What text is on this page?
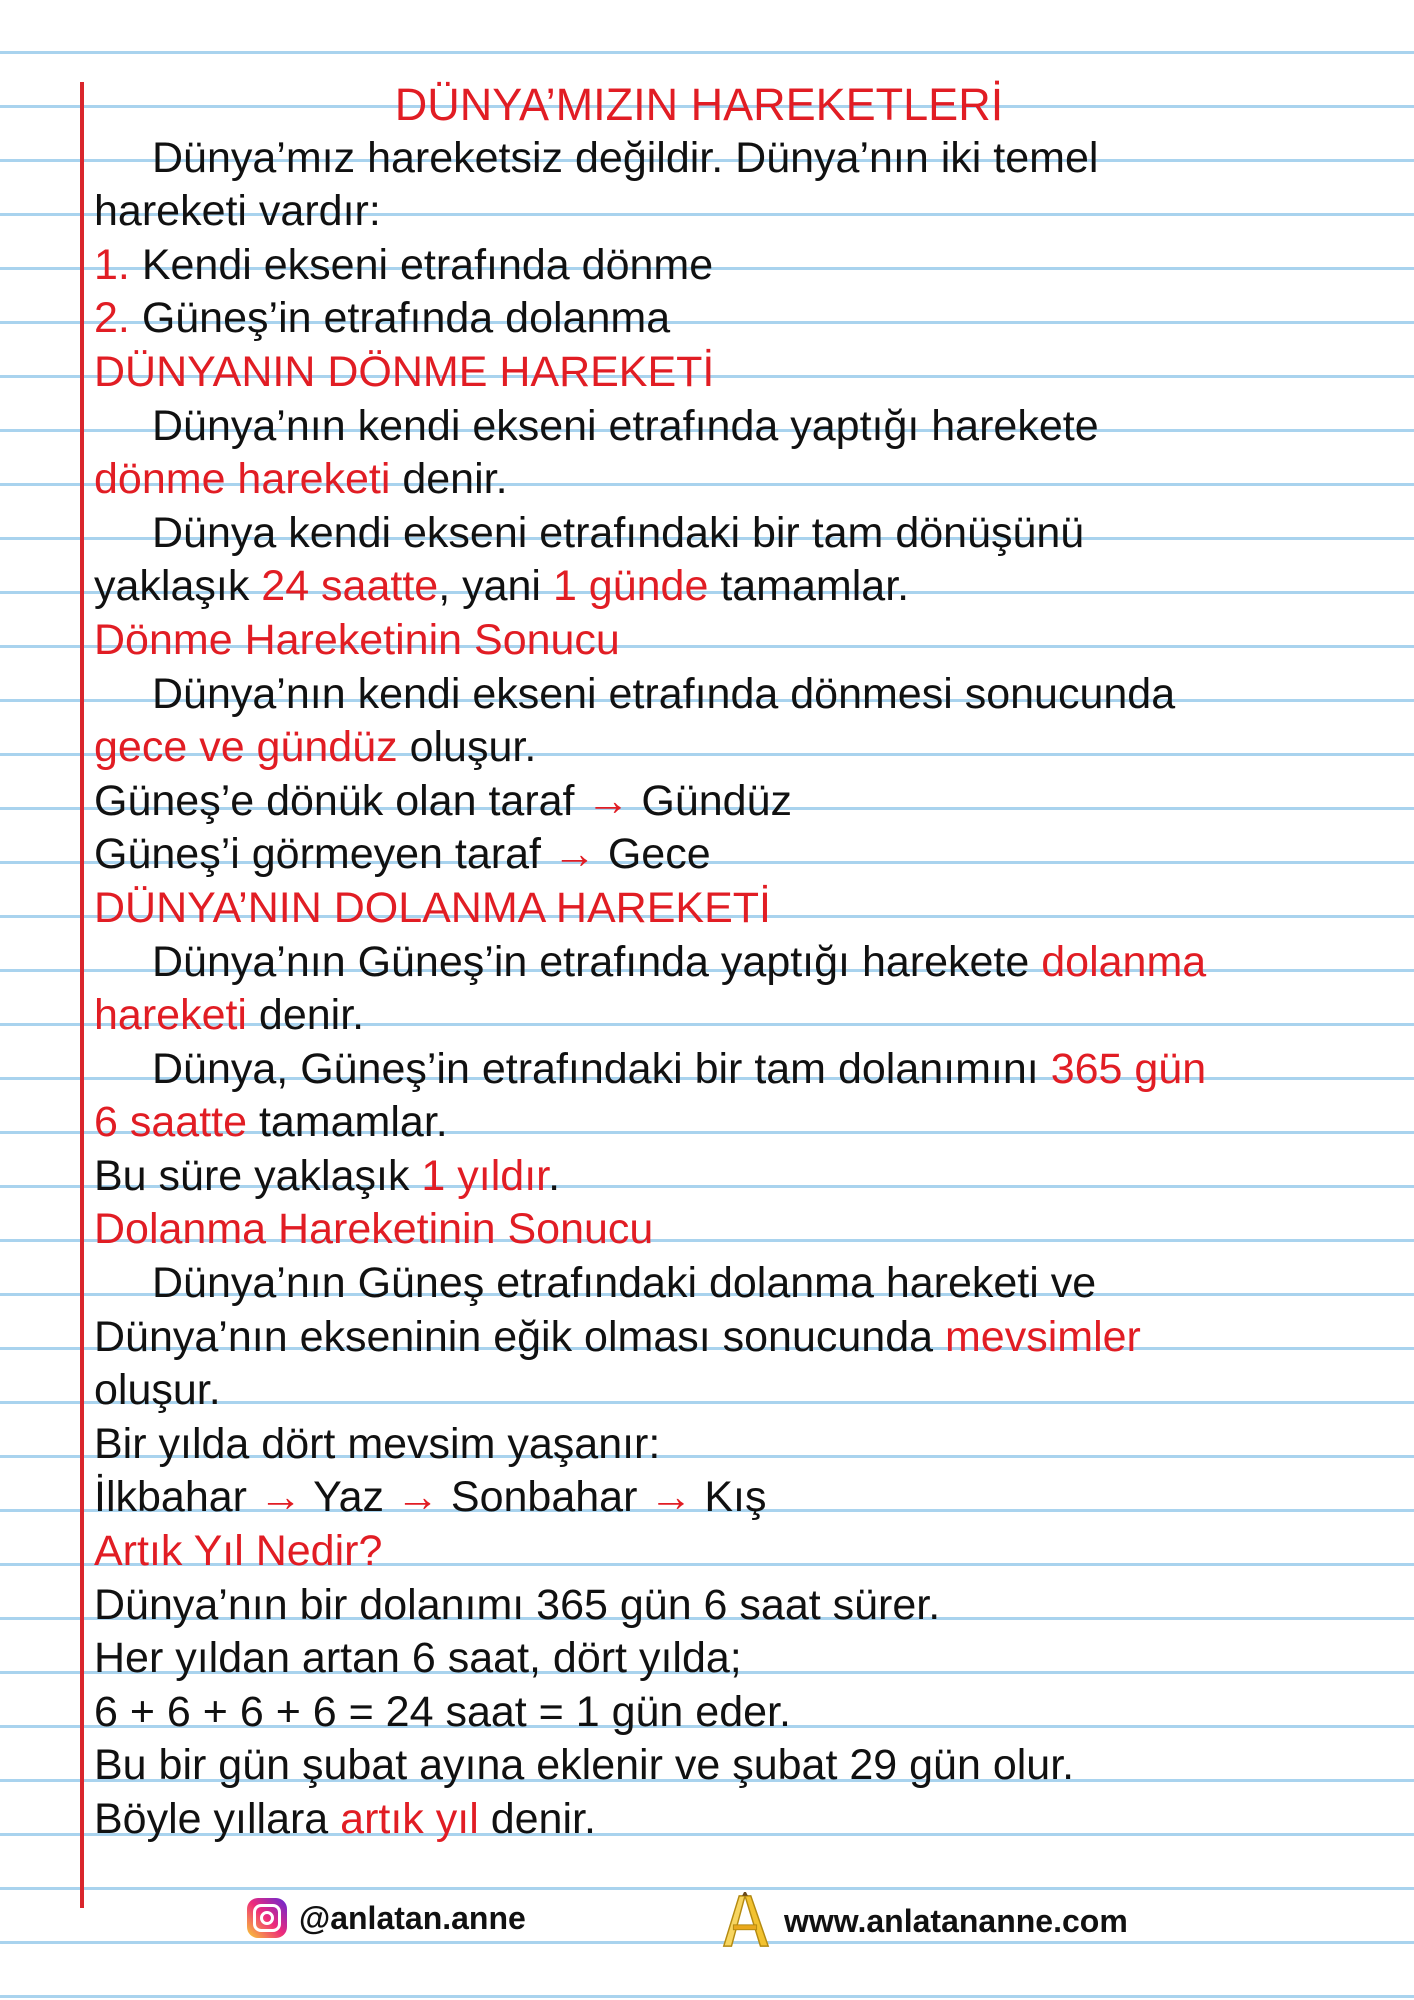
DÜNYA’MIZIN HAREKETLERİ
Dünya’mız hareketsiz değildir. Dünya’nın iki temel
hareketi vardır:
1. Kendi ekseni etrafında dönme
2. Güneş’in etrafında dolanma
DÜNYANIN DÖNME HAREKETİ
Dünya’nın kendi ekseni etrafında yaptığı harekete
dönme hareketi denir.
Dünya kendi ekseni etrafındaki bir tam dönüşünü
yaklaşık 24 saatte, yani 1 günde tamamlar.
Dönme Hareketinin Sonucu
Dünya’nın kendi ekseni etrafında dönmesi sonucunda
gece ve gündüz oluşur.
Güneş’e dönük olan taraf → Gündüz
Güneş’i görmeyen taraf → Gece
DÜNYA’NIN DOLANMA HAREKETİ
Dünya’nın Güneş’in etrafında yaptığı harekete dolanma
hareketi denir.
Dünya, Güneş’in etrafındaki bir tam dolanımını 365 gün
6 saatte tamamlar.
Bu süre yaklaşık 1 yıldır.
Dolanma Hareketinin Sonucu
Dünya’nın Güneş etrafındaki dolanma hareketi ve
Dünya’nın ekseninin eğik olması sonucunda mevsimler
oluşur.
Bir yılda dört mevsim yaşanır:
İlkbahar → Yaz → Sonbahar → Kış
Artık Yıl Nedir?
Dünya’nın bir dolanımı 365 gün 6 saat sürer.
Her yıldan artan 6 saat, dört yılda;
6 + 6 + 6 + 6 = 24 saat = 1 gün eder.
Bu bir gün şubat ayına eklenir ve şubat 29 gün olur.
Böyle yıllara artık yıl denir.
@anlatan.anne	www.anlatananne.com
